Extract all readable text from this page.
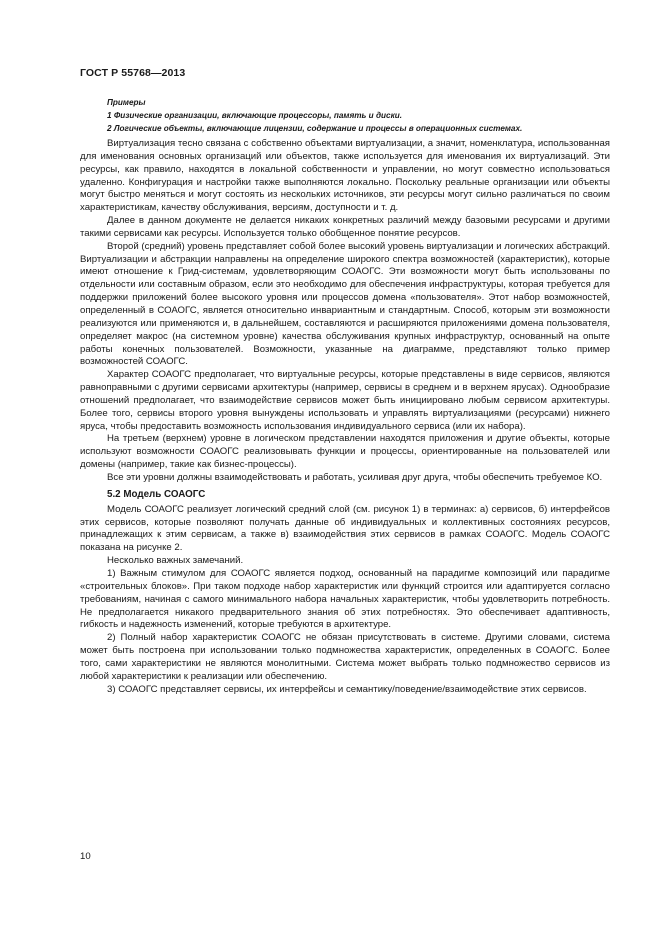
ГОСТ Р 55768—2013
Примеры
1 Физические организации, включающие процессоры, память и диски.
2 Логические объекты, включающие лицензии, содержание и процессы в операционных системах.

Виртуализация тесно связана с собственно объектами виртуализации, а значит, номенклатура, использованная для именования основных организаций или объектов, также используется для именования их виртуализаций. Эти ресурсы, как правило, находятся в локальной собственности и управлении, но могут совместно использоваться удаленно. Конфигурация и настройки также выполняются локально. Поскольку реальные организации или объекты могут быстро меняться и могут состоять из нескольких источников, эти ресурсы могут сильно различаться по своим характеристикам, качеству обслуживания, версиям, доступности и т. д.

Далее в данном документе не делается никаких конкретных различий между базовыми ресурсами и другими такими сервисами как ресурсы. Используется только обобщенное понятие ресурсов.

Второй (средний) уровень представляет собой более высокий уровень виртуализации и логических абстракций. Виртуализации и абстракции направлены на определение широкого спектра возможностей (характеристик), которые имеют отношение к Грид-системам, удовлетворяющим СОАОГС. Эти возможности могут быть использованы по отдельности или составным образом, если это необходимо для обеспечения инфраструктуры, которая требуется для поддержки приложений более высокого уровня или процессов домена «пользователя». Этот набор возможностей, определенный в СОАОГС, является относительно инвариантным и стандартным. Способ, которым эти возможности реализуются или применяются и, в дальнейшем, составляются и расширяются приложениями домена пользователя, определяет макрос (на системном уровне) качества обслуживания крупных инфраструктур, основанный на опыте работы конечных пользователей. Возможности, указанные на диаграмме, представляют только пример возможностей СОАОГС.

Характер СОАОГС предполагает, что виртуальные ресурсы, которые представлены в виде сервисов, являются равноправными с другими сервисами архитектуры (например, сервисы в среднем и в верхнем ярусах). Однообразие отношений предполагает, что взаимодействие сервисов может быть инициировано любым сервисом архитектуры. Более того, сервисы второго уровня вынуждены использовать и управлять виртуализациями (ресурсами) нижнего яруса, чтобы предоставить возможность использования индивидуального сервиса (или их набора).

На третьем (верхнем) уровне в логическом представлении находятся приложения и другие объекты, которые используют возможности СОАОГС реализовывать функции и процессы, ориентированные на пользователей или домены (например, такие как бизнес-процессы).

Все эти уровни должны взаимодействовать и работать, усиливая друг друга, чтобы обеспечить требуемое КО.

5.2 Модель СОАОГС

Модель СОАОГС реализует логический средний слой (см. рисунок 1) в терминах: а) сервисов, б) интерфейсов этих сервисов, которые позволяют получать данные об индивидуальных и коллективных состояниях ресурсов, принадлежащих к этим сервисам, а также в) взаимодействия этих сервисов в рамках СОАОГС. Модель СОАОГС показана на рисунке 2.

Несколько важных замечаний.

1) Важным стимулом для СОАОГС является подход, основанный на парадигме композиций или парадигме «строительных блоков». При таком подходе набор характеристик или функций строится или адаптируется согласно требованиям, начиная с самого минимального набора начальных характеристик, чтобы удовлетворить потребность. Не предполагается никакого предварительного знания об этих потребностях. Это обеспечивает адаптивность, гибкость и надежность изменений, которые требуются в архитектуре.

2) Полный набор характеристик СОАОГС не обязан присутствовать в системе. Другими словами, система может быть построена при использовании только подмножества характеристик, определенных в СОАОГС. Более того, сами характеристики не являются монолитными. Система может выбрать только подмножество сервисов из любой характеристики к реализации или обеспечению.

3) СОАОГС представляет сервисы, их интерфейсы и семантику/поведение/взаимодействие этих сервисов.

10
